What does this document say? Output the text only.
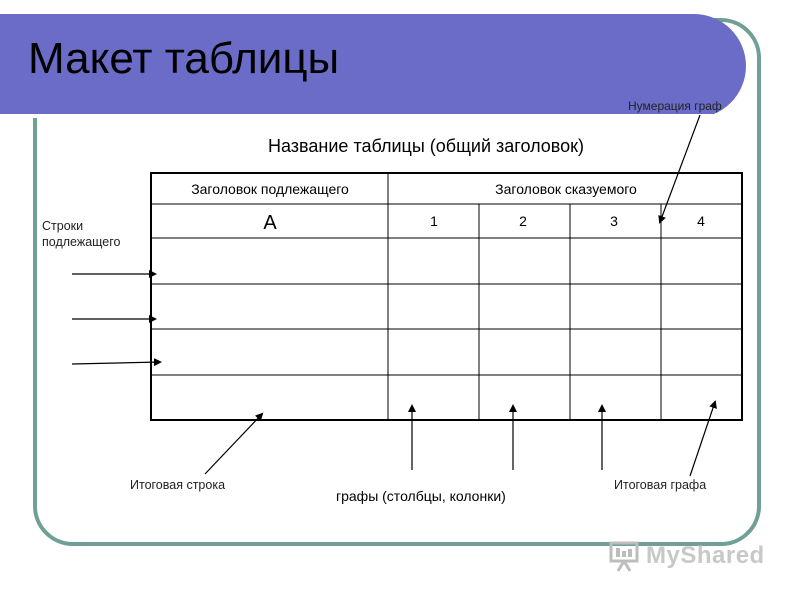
Макет таблицы
Название таблицы (общий заголовок)
Нумерация граф
Строки
подлежащего
Заголовок подлежащего	Заголовок сказуемого
А	1	2	3	4
Итоговая строка	Итоговая графа
графы (столбцы, колонки)
MyShared
